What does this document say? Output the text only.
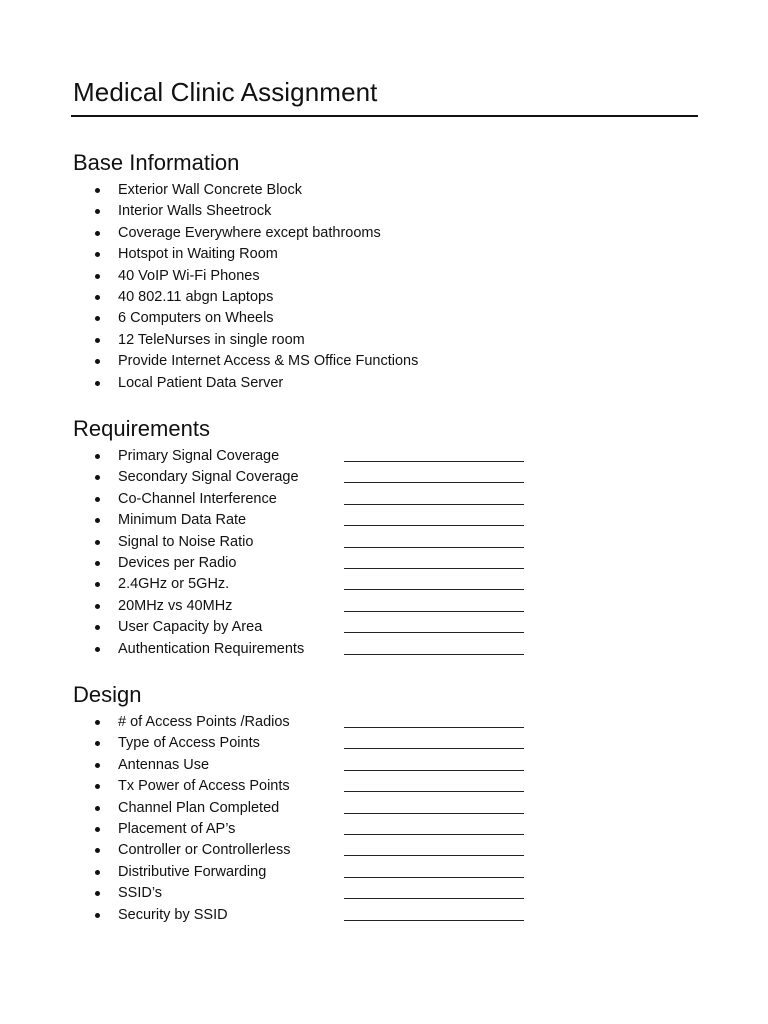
Medical Clinic Assignment
Base Information
Exterior Wall Concrete Block
Interior Walls Sheetrock
Coverage Everywhere except bathrooms
Hotspot in Waiting Room
40 VoIP Wi-Fi Phones
40 802.11 abgn Laptops
6 Computers on Wheels
12 TeleNurses in single room
Provide Internet Access & MS Office Functions
Local Patient Data Server
Requirements
Primary Signal Coverage
Secondary Signal Coverage
Co-Channel Interference
Minimum Data Rate
Signal to Noise Ratio
Devices per Radio
2.4GHz or 5GHz.
20MHz vs 40MHz
User Capacity by Area
Authentication Requirements
Design
# of Access Points /Radios
Type of Access Points
Antennas Use
Tx Power of Access Points
Channel Plan Completed
Placement of AP’s
Controller or Controllerless
Distributive Forwarding
SSID’s
Security by SSID
